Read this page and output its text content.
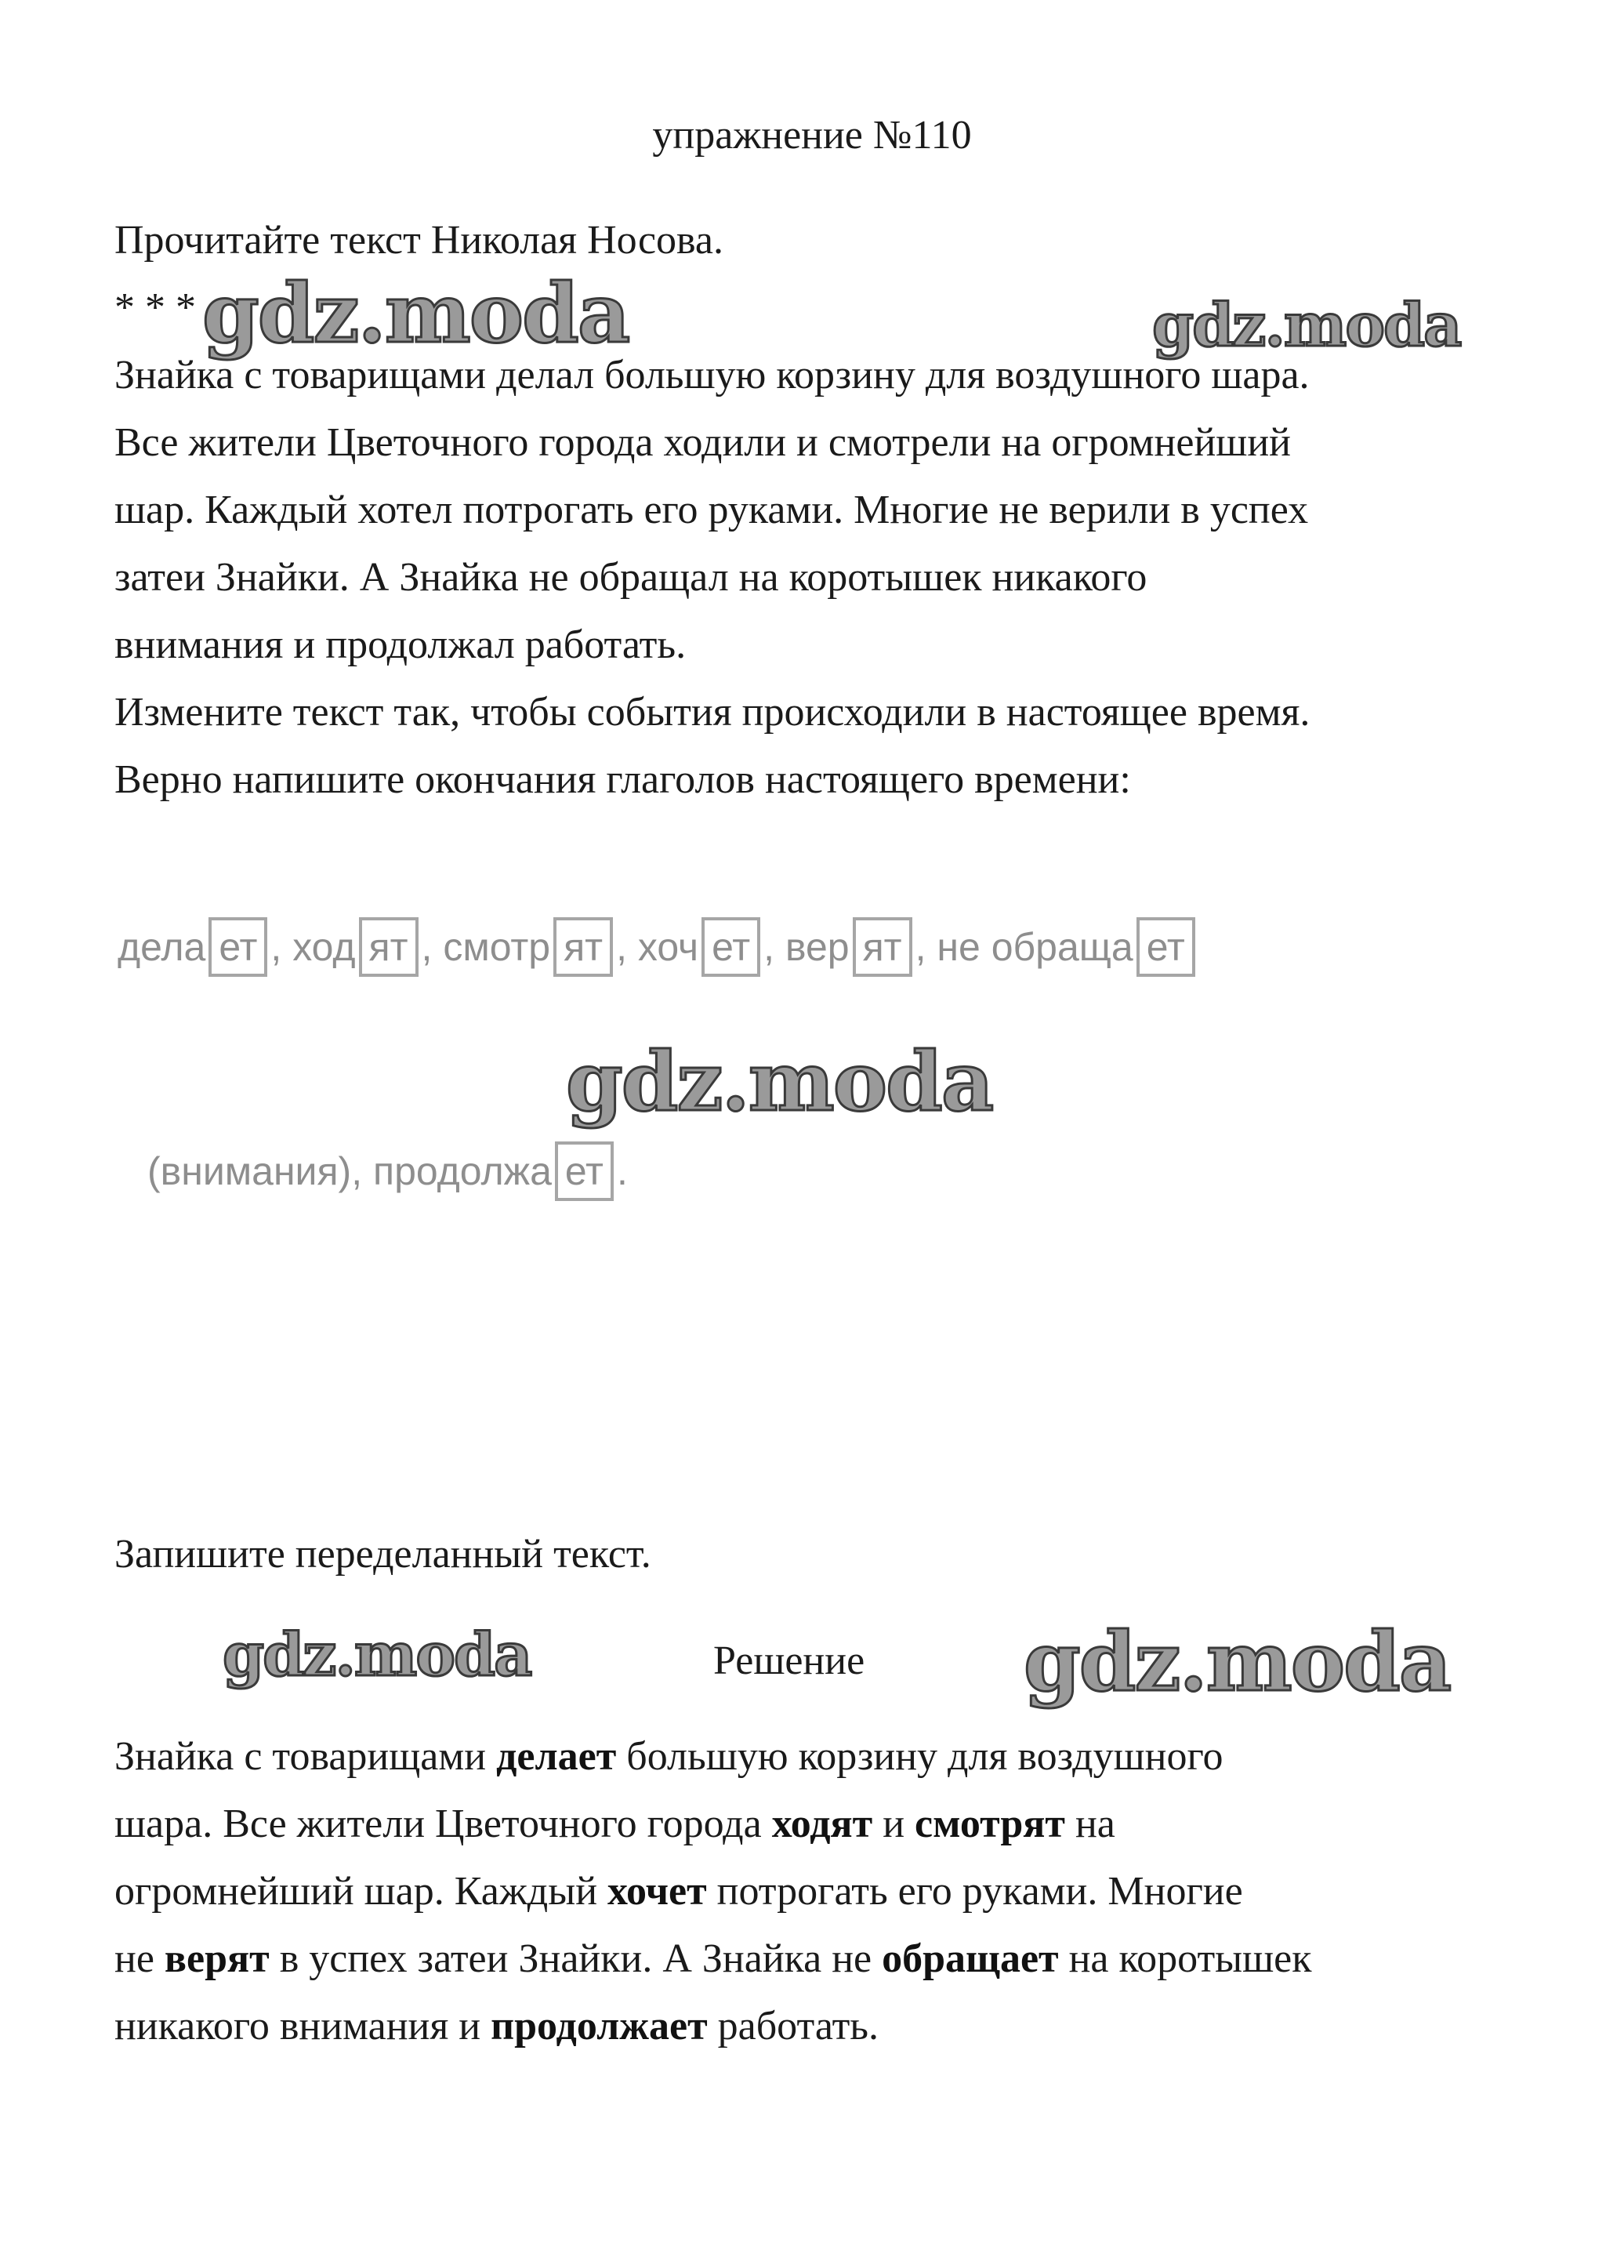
упражнение №110
Прочитайте текст Николая Носова.
* * *
Знайка с товарищами делал большую корзину для воздушного шара.
Все жители Цветочного города ходили и смотрели на огромнейший
шар. Каждый хотел потрогать его руками. Многие не верили в успех
затеи Знайки. А Знайка не обращал на коротышек никакого
внимания и продолжал работать.
Измените текст так, чтобы события происходили в настоящее время.
Верно напишите окончания глаголов настоящего времени:
дела ет ,
ход ят ,
смотр ят ,
хоч ет ,
вер ят ,
не обраща ет
(внимания), продолжа ет .
Запишите переделанный текст.
Решение

Знайка с товарищами делает большую корзину для воздушного

шара. Все жители Цветочного города ходят и смотрят на

огромнейший шар. Каждый хочет потрогать его руками. Многие

не верят в успех затеи Знайки. А Знайка не обращает на коротышек

никакого внимания и продолжает работать.

gdz.moda	gdz.moda
gdz.moda
gdz.moda	gdz.moda
